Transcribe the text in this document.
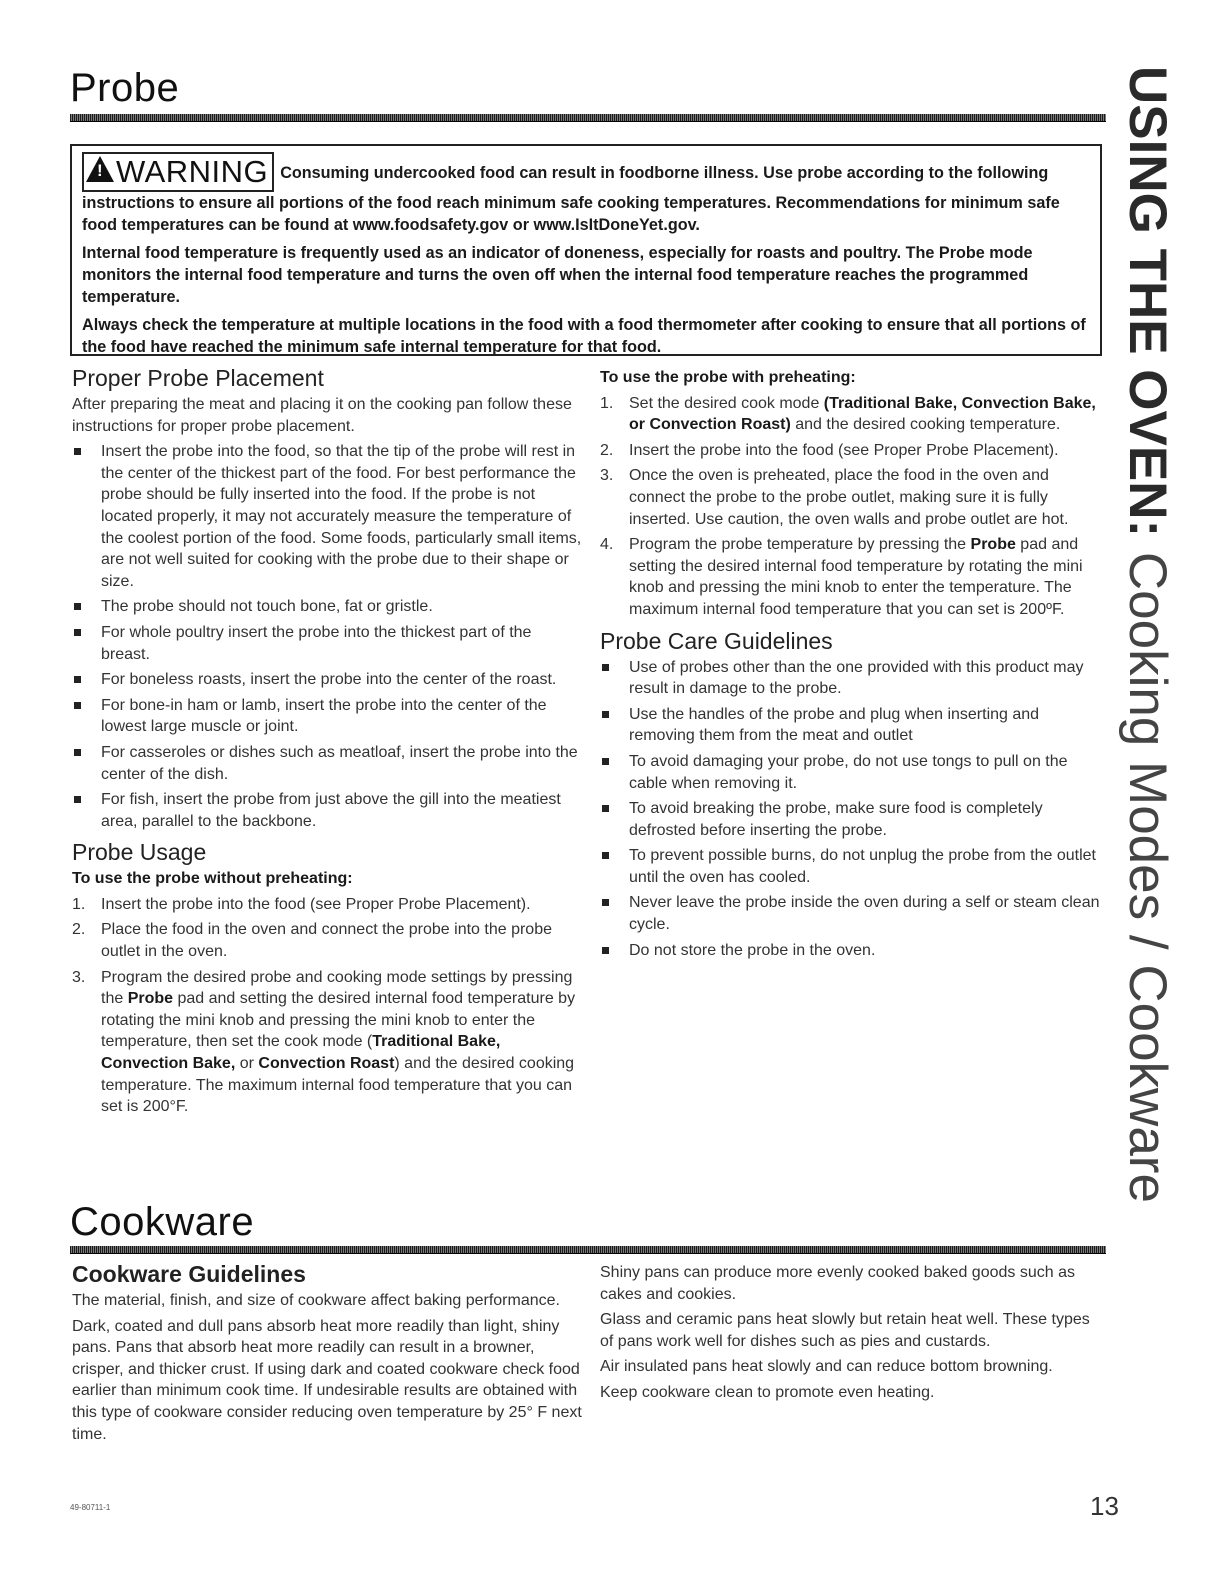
Probe	USING THE OVEN: Cooking Modes / Cookware

!WARNING Consuming undercooked food can result in foodborne illness. Use probe according to the following instructions to ensure all portions of the food reach minimum safe cooking temperatures. Recommendations for minimum safe food temperatures can be found at www.foodsafety.gov or www.IsItDoneYet.gov.

Internal food temperature is frequently used as an indicator of doneness, especially for roasts and poultry. The Probe mode monitors the internal food temperature and turns the oven off when the internal food temperature reaches the programmed temperature.

Always check the temperature at multiple locations in the food with a food thermometer after cooking to ensure that all portions of the food have reached the minimum safe internal temperature for that food.

Proper Probe Placement

After preparing the meat and placing it on the cooking pan follow these instructions for proper probe placement.

Insert the probe into the food, so that the tip of the probe will rest in the center of the thickest part of the food. For best performance the probe should be fully inserted into the food. If the probe is not located properly, it may not accurately measure the temperature of the coolest portion of the food. Some foods, particularly small items, are not well suited for cooking with the probe due to their shape or size.
The probe should not touch bone, fat or gristle.
For whole poultry insert the probe into the thickest part of the breast.
For boneless roasts, insert the probe into the center of the roast.
For bone-in ham or lamb, insert the probe into the center of the lowest large muscle or joint.
For casseroles or dishes such as meatloaf, insert the probe into the center of the dish.
For fish, insert the probe from just above the gill into the meatiest area, parallel to the backbone.
Probe Usage

To use the probe without preheating:

1. Insert the probe into the food (see Proper Probe Placement).
2. Place the food in the oven and connect the probe into the probe outlet in the oven.
3. Program the desired probe and cooking mode settings by pressing the Probe pad and setting the desired internal food temperature by rotating the mini knob and pressing the mini knob to enter the temperature, then set the cook mode (Traditional Bake, Convection Bake, or Convection Roast) and the desired cooking temperature. The maximum internal food temperature that you can set is 200°F.

To use the probe with preheating:

1. Set the desired cook mode (Traditional Bake, Convection Bake, or Convection Roast) and the desired cooking temperature.
2. Insert the probe into the food (see Proper Probe Placement).
3. Once the oven is preheated, place the food in the oven and connect the probe to the probe outlet, making sure it is fully inserted. Use caution, the oven walls and probe outlet are hot.
4. Program the probe temperature by pressing the Probe pad and setting the desired internal food temperature by rotating the mini knob and pressing the mini knob to enter the temperature. The maximum internal food temperature that you can set is 200ºF.
Probe Care Guidelines
Use of probes other than the one provided with this product may result in damage to the probe.
Use the handles of the probe and plug when inserting and removing them from the meat and outlet
To avoid damaging your probe, do not use tongs to pull on the cable when removing it.
To avoid breaking the probe, make sure food is completely defrosted before inserting the probe.
To prevent possible burns, do not unplug the probe from the outlet until the oven has cooled.
Never leave the probe inside the oven during a self or steam clean cycle.
Do not store the probe in the oven.
Cookware
Cookware Guidelines

The material, finish, and size of cookware affect baking performance.

Dark, coated and dull pans absorb heat more readily than light, shiny pans. Pans that absorb heat more readily can result in a browner, crisper, and thicker crust. If using dark and coated cookware check food earlier than minimum cook time. If undesirable results are obtained with this type of cookware consider reducing oven temperature by 25° F next time.

Shiny pans can produce more evenly cooked baked goods such as cakes and cookies.

Glass and ceramic pans heat slowly but retain heat well. These types of pans work well for dishes such as pies and custards.

Air insulated pans heat slowly and can reduce bottom browning.

Keep cookware clean to promote even heating.

49-80711-1	13
